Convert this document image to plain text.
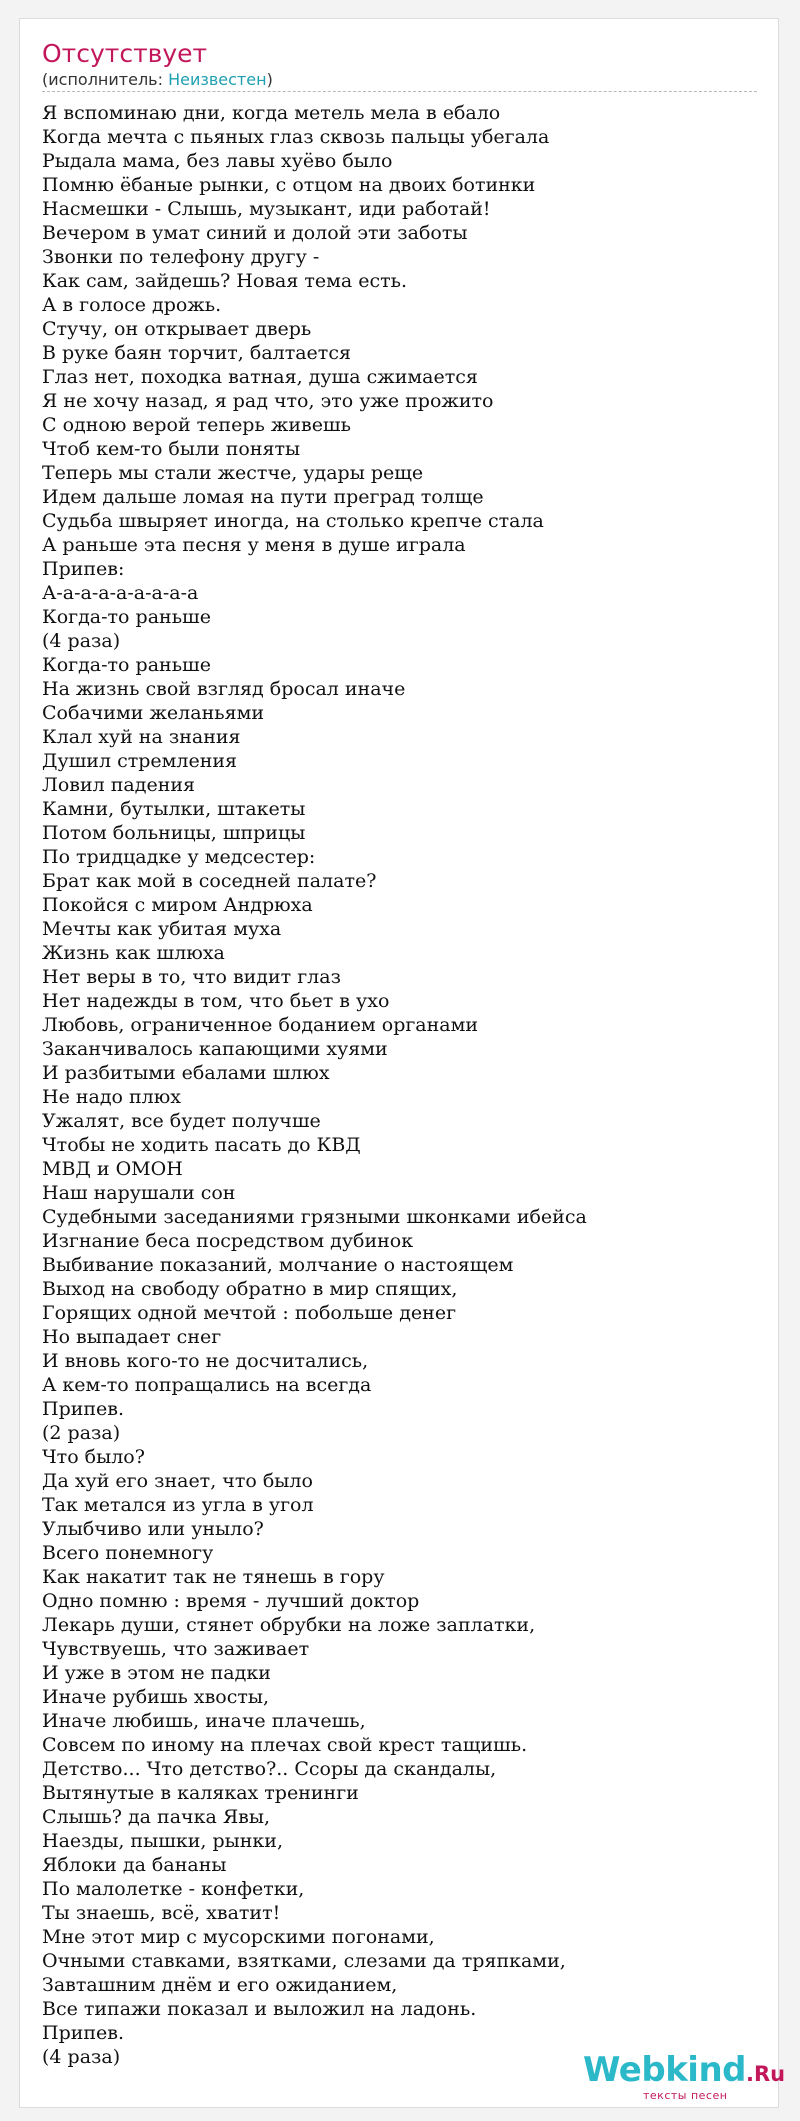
Отсутствует
(исполнитель: Неизвестен)
Я вспоминаю дни, когда метель мела в ебало
Когда мечта с пьяных глаз сквозь пальцы убегала
Рыдала мама, без лавы хуёво было
Помню ёбаные рынки, с отцом на двоих ботинки
Насмешки - Слышь, музыкант, иди работай!
Вечером в умат синий и долой эти заботы
Звонки по телефону другу -
Как сам, зайдешь? Новая тема есть.
А в голосе дрожь.
Стучу, он открывает дверь
В руке баян торчит, балтается
Глаз нет, походка ватная, душа сжимается
Я не хочу назад, я рад что, это уже прожито
С одною верой теперь живешь
Чтоб кем-то были поняты
Теперь мы стали жестче, удары реще
Идем дальше ломая на пути преград толще
Судьба швыряет иногда, на столько крепче стала
А раньше эта песня у меня в душе играла
Припев:
А-а-а-а-а-а-а-а-а
Когда-то раньше
(4 раза)
Когда-то раньше
На жизнь свой взгляд бросал иначе
Собачими желаньями
Клал хуй на знания
Душил стремления
Ловил падения
Камни, бутылки, штакеты
Потом больницы, шприцы
По тридцадке у медсестер:
Брат как мой в соседней палате?
Покойся с миром Андрюха
Мечты как убитая муха
Жизнь как шлюха
Нет веры в то, что видит глаз
Нет надежды в том, что бьет в ухо
Любовь, ограниченное боданием органами
Заканчивалось капающими хуями
И разбитыми ебалами шлюх
Не надо плюх
Ужалят, все будет получше
Чтобы не ходить пасать до КВД
МВД и ОМОН
Наш нарушали сон
Судебными заседаниями грязными шконками ибейса
Изгнание беса посредством дубинок
Выбивание показаний, молчание о настоящем
Выход на свободу обратно в мир спящих,
Горящих одной мечтой : побольше денег
Но выпадает снег
И вновь кого-то не досчитались,
А кем-то попращались на всегда
Припев.
(2 раза)
Что было?
Да хуй его знает, что было
Так метался из угла в угол
Улыбчиво или уныло?
Всего понемногу
Как накатит так не тянешь в гору
Одно помню : время - лучший доктор
Лекарь души, стянет обрубки на ложе заплатки,
Чувствуешь, что заживает
И уже в этом не падки
Иначе рубишь хвосты,
Иначе любишь, иначе плачешь,
Совсем по иному на плечах свой крест тащишь.
Детство... Что детство?.. Ссоры да скандалы,
Вытянутые в каляках тренинги
Слышь? да пачка Явы,
Наезды, пышки, рынки,
Яблоки да бананы
По малолетке - конфетки,
Ты знаешь, всё, хватит!
Мне этот мир с мусорскими погонами,
Очными ставками, взятками, слезами да тряпками,
Завташним днём и его ожиданием,
Все типажи показал и выложил на ладонь.
Припев.
(4 раза)	Webkind.Ru
тексты песен
